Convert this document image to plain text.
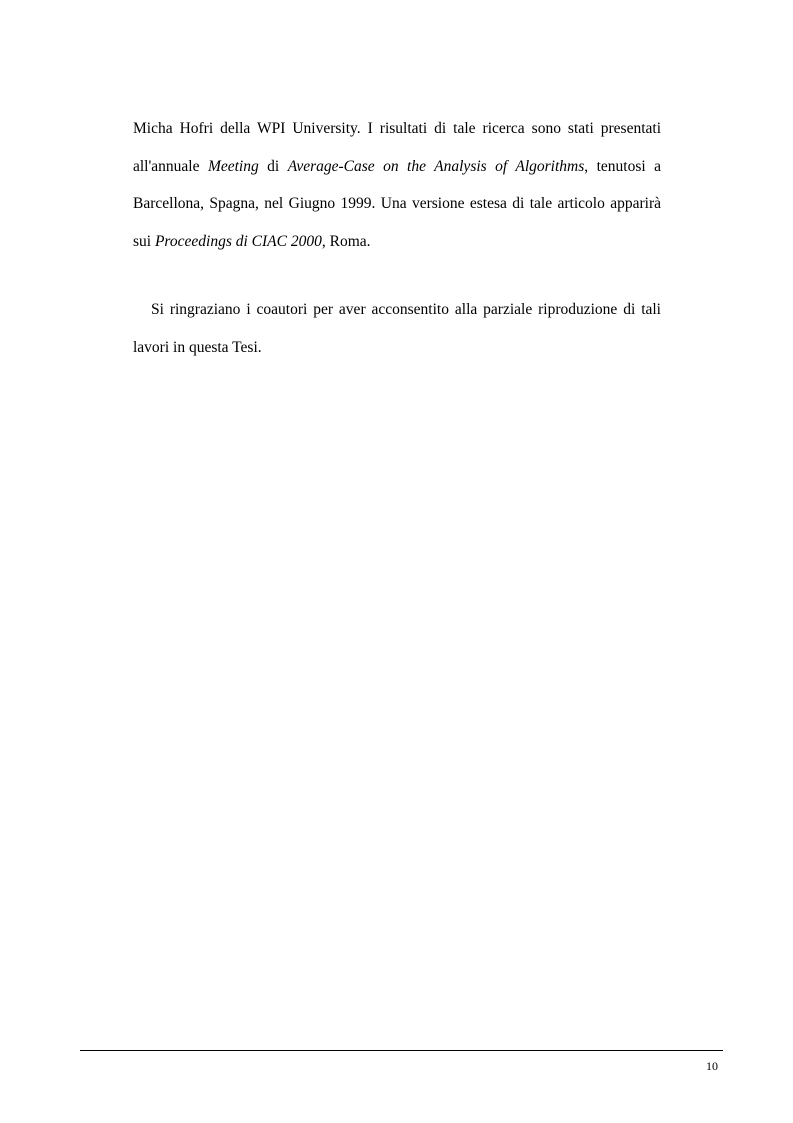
Micha Hofri della WPI University. I risultati di tale ricerca sono stati presentati
all'annuale Meeting di Average-Case on the Analysis of Algorithms, tenutosi a
Barcellona, Spagna, nel Giugno 1999. Una versione estesa di tale articolo apparirà
sui Proceedings di CIAC 2000, Roma.
Si ringraziano i coautori per aver acconsentito alla parziale riproduzione di tali
lavori in questa Tesi.
10
